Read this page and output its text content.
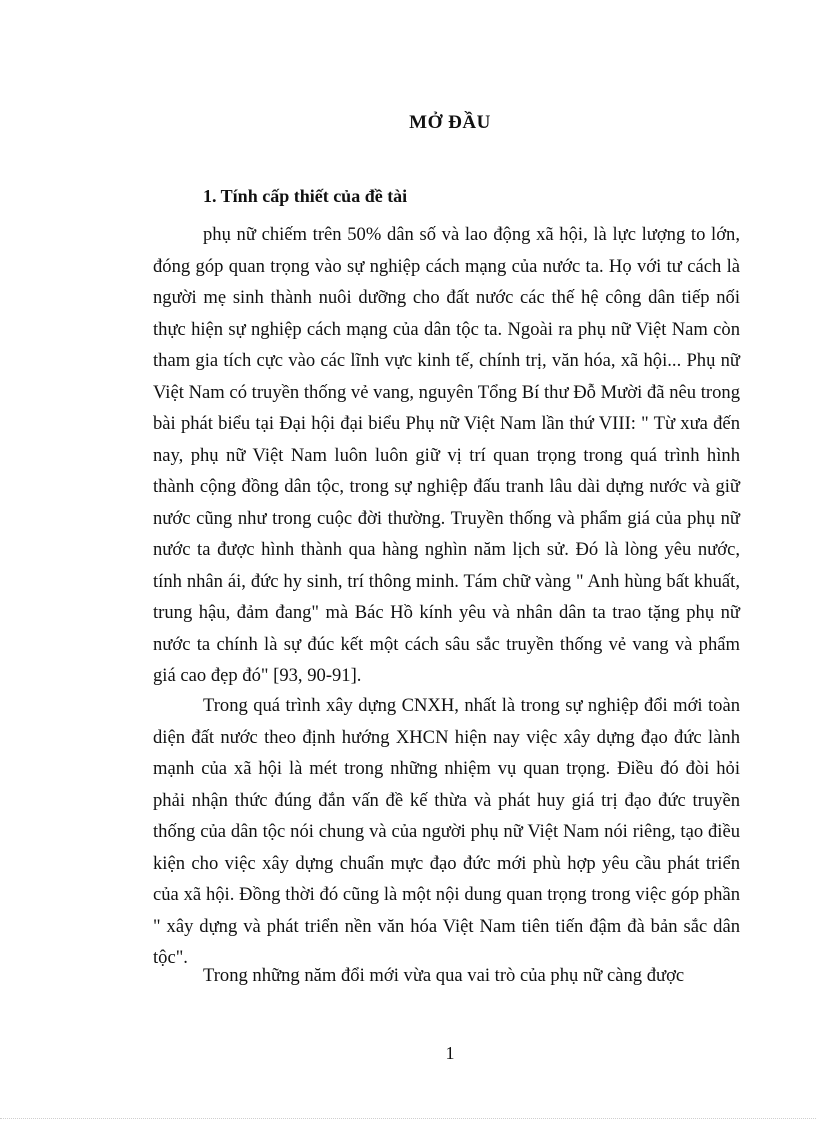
MỞ ĐẦU
1. Tính cấp thiết của đề tài

phụ nữ chiếm trên 50% dân số và lao động xã hội, là lực lượng to lớn, đóng góp quan trọng vào sự nghiệp cách mạng của nước ta. Họ với tư cách là người mẹ sinh thành nuôi dưỡng cho đất nước các thế hệ công dân tiếp nối thực hiện sự nghiệp cách mạng của dân tộc ta. Ngoài ra phụ nữ Việt Nam còn tham gia tích cực vào các lĩnh vực kinh tế, chính trị, văn hóa, xã hội... Phụ nữ Việt Nam có truyền thống vẻ vang, nguyên Tổng Bí thư Đỗ Mười đã nêu trong bài phát biểu tại Đại hội đại biểu Phụ nữ Việt Nam lần thứ VIII: " Từ xưa đến nay, phụ nữ Việt Nam luôn luôn giữ vị trí quan trọng trong quá trình hình thành cộng đồng dân tộc, trong sự nghiệp đấu tranh lâu dài dựng nước và giữ nước cũng như trong cuộc đời thường. Truyền thống và phẩm giá của phụ nữ nước ta được hình thành qua hàng nghìn năm lịch sử. Đó là lòng yêu nước, tính nhân ái, đức hy sinh, trí thông minh. Tám chữ vàng " Anh hùng bất khuất, trung hậu, đảm đang" mà Bác Hồ kính yêu và nhân dân ta trao tặng phụ nữ nước ta chính là sự đúc kết một cách sâu sắc truyền thống vẻ vang và phẩm giá cao đẹp đó" [93, 90-91].

Trong quá trình xây dựng CNXH, nhất là trong sự nghiệp đổi mới toàn diện đất nước theo định hướng XHCN hiện nay việc xây dựng đạo đức lành mạnh của xã hội là mét trong những nhiệm vụ quan trọng. Điều đó đòi hỏi phải nhận thức đúng đắn vấn đề kế thừa và phát huy giá trị đạo đức truyền thống của dân tộc nói chung và của người phụ nữ Việt Nam nói riêng, tạo điều kiện cho việc xây dựng chuẩn mực đạo đức mới phù hợp yêu cầu phát triển của xã hội. Đồng thời đó cũng là một nội dung quan trọng trong việc góp phần " xây dựng và phát triển nền văn hóa Việt Nam tiên tiến đậm đà bản sắc dân tộc".

Trong những năm đổi mới vừa qua vai trò của phụ nữ càng được

1
